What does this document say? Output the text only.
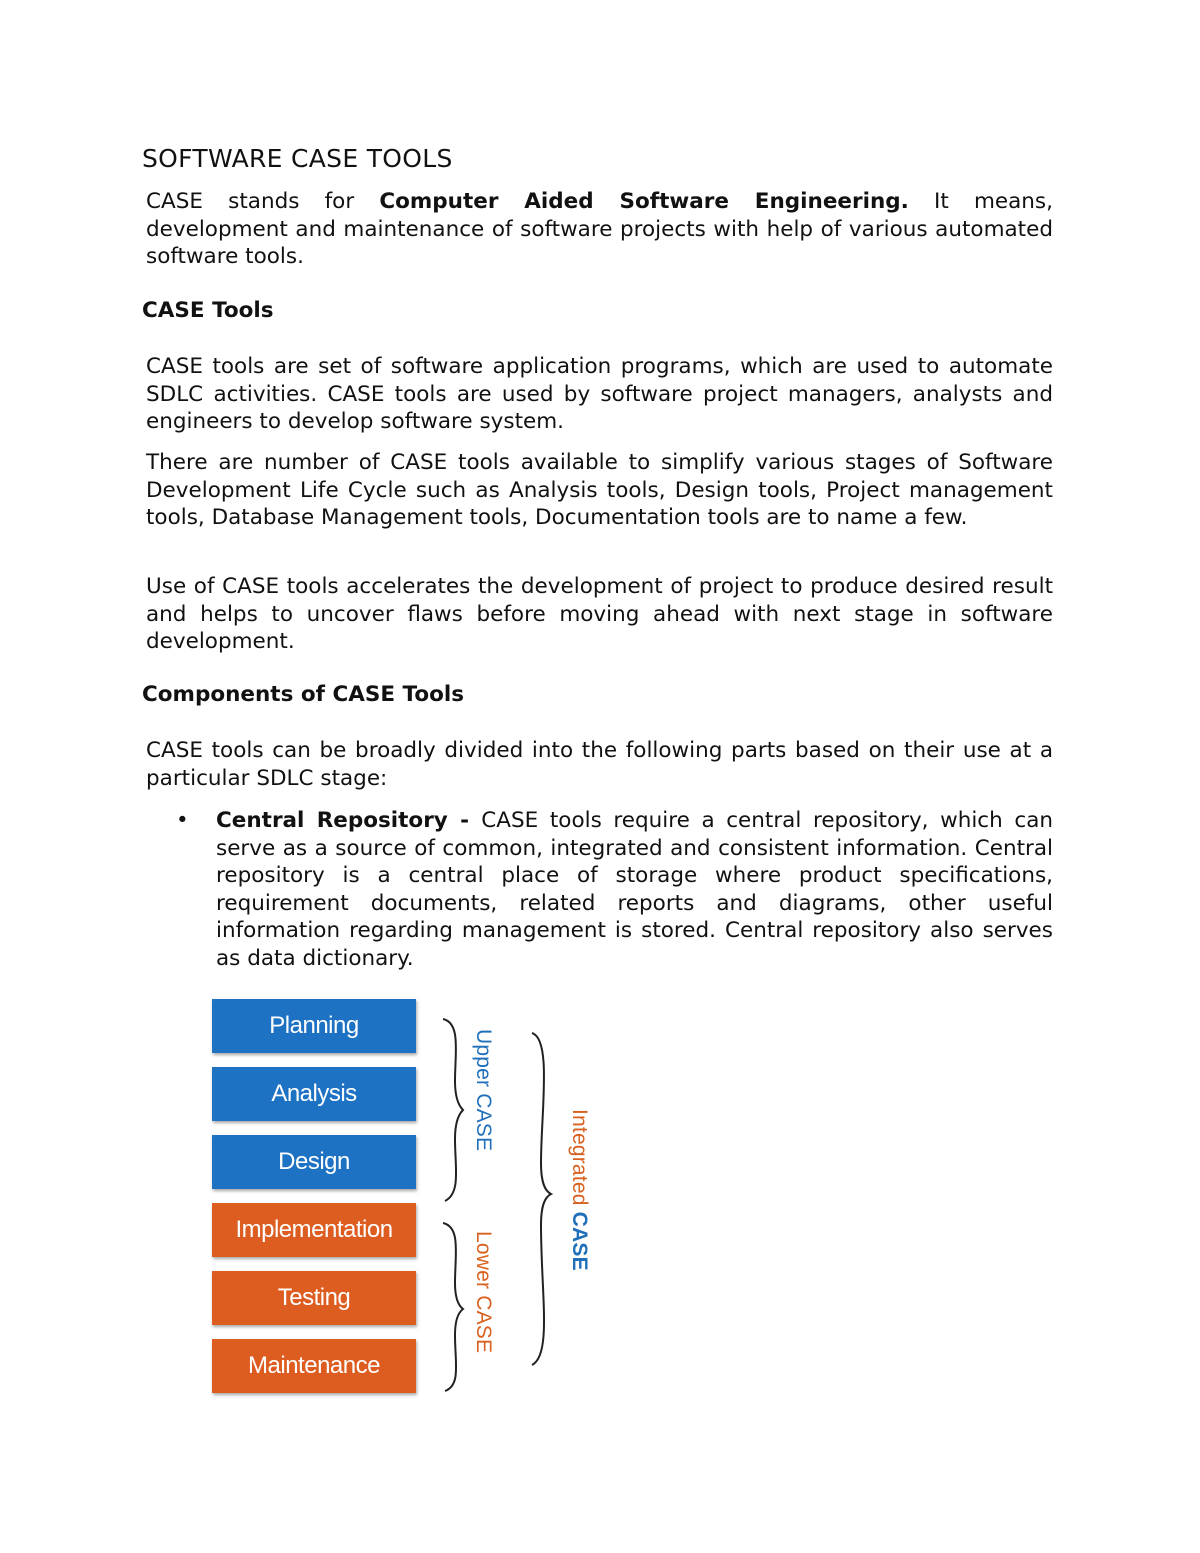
SOFTWARE CASE TOOLS

CASE stands for Computer Aided Software Engineering. It means, development and maintenance of software projects with help of various automated software tools.

CASE Tools

CASE tools are set of software application programs, which are used to automate SDLC activities. CASE tools are used by software project managers, analysts and engineers to develop software system.

There are number of CASE tools available to simplify various stages of Software Development Life Cycle such as Analysis tools, Design tools, Project management tools, Database Management tools, Documentation tools are to name a few.

Use of CASE tools accelerates the development of project to produce desired result and helps to uncover flaws before moving ahead with next stage in software development.

Components of CASE Tools

CASE tools can be broadly divided into the following parts based on their use at a particular SDLC stage:

• Central Repository - CASE tools require a central repository, which can serve as a source of common, integrated and consistent information. Central repository is a central place of storage where product specifications, requirement documents, related reports and diagrams, other useful information regarding management is stored. Central repository also serves as data dictionary.
Planning
Analysis
Design
Implementation
Testing
Maintenance
Upper CASE
Lower CASE
Integrated CASE
